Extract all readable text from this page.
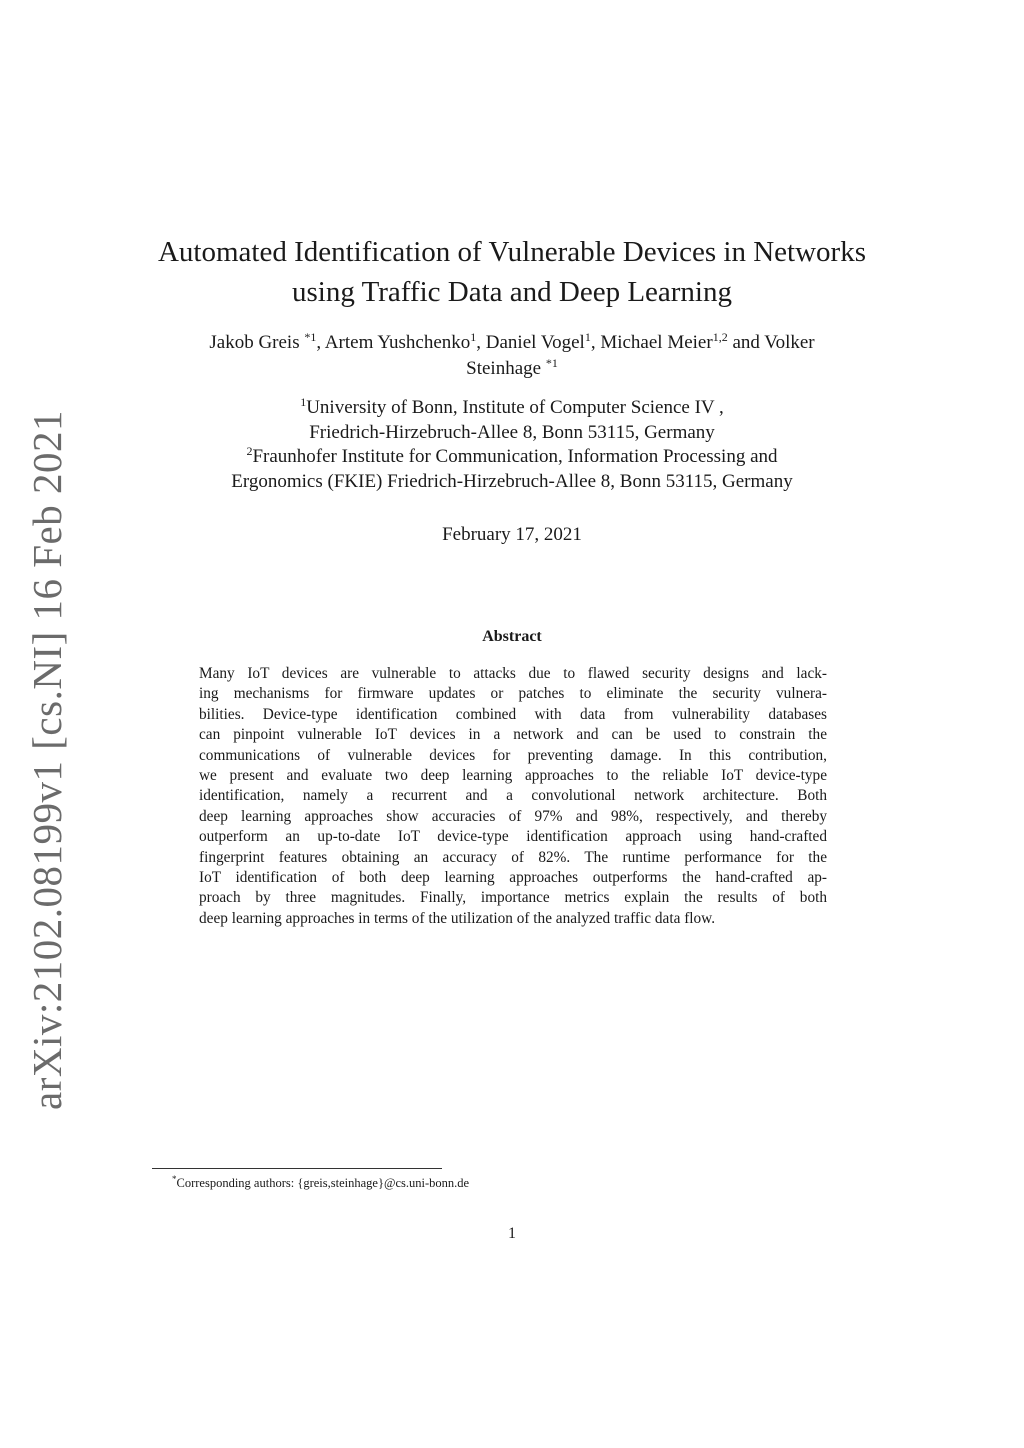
arXiv:2102.08199v1 [cs.NI] 16 Feb 2021
Automated Identification of Vulnerable Devices in Networks
using Traffic Data and Deep Learning
Jakob Greis $^{*1}$, Artem Yushchenko$^1$, Daniel Vogel$^1$, Michael Meier$^{1,2}$ and Volker
Steinhage $^{*1}$
$^1$University of Bonn, Institute of Computer Science IV ,
Friedrich-Hirzebruch-Allee 8, Bonn 53115, Germany
$^2$Fraunhofer Institute for Communication, Information Processing and
Ergonomics (FKIE) Friedrich-Hirzebruch-Allee 8, Bonn 53115, Germany
February 17, 2021
Abstract
Many IoT devices are vulnerable to attacks due to flawed security designs and lack-
ing mechanisms for firmware updates or patches to eliminate the security vulnera-
bilities. Device-type identification combined with data from vulnerability databases
can pinpoint vulnerable IoT devices in a network and can be used to constrain the
communications of vulnerable devices for preventing damage. In this contribution,
we present and evaluate two deep learning approaches to the reliable IoT device-type
identification, namely a recurrent and a convolutional network architecture. Both
deep learning approaches show accuracies of 97% and 98%, respectively, and thereby
outperform an up-to-date IoT device-type identification approach using hand-crafted
fingerprint features obtaining an accuracy of 82%. The runtime performance for the
IoT identification of both deep learning approaches outperforms the hand-crafted ap-
proach by three magnitudes. Finally, importance metrics explain the results of both
deep learning approaches in terms of the utilization of the analyzed traffic data flow.
*Corresponding authors: {greis,steinhage}@cs.uni-bonn.de
1
